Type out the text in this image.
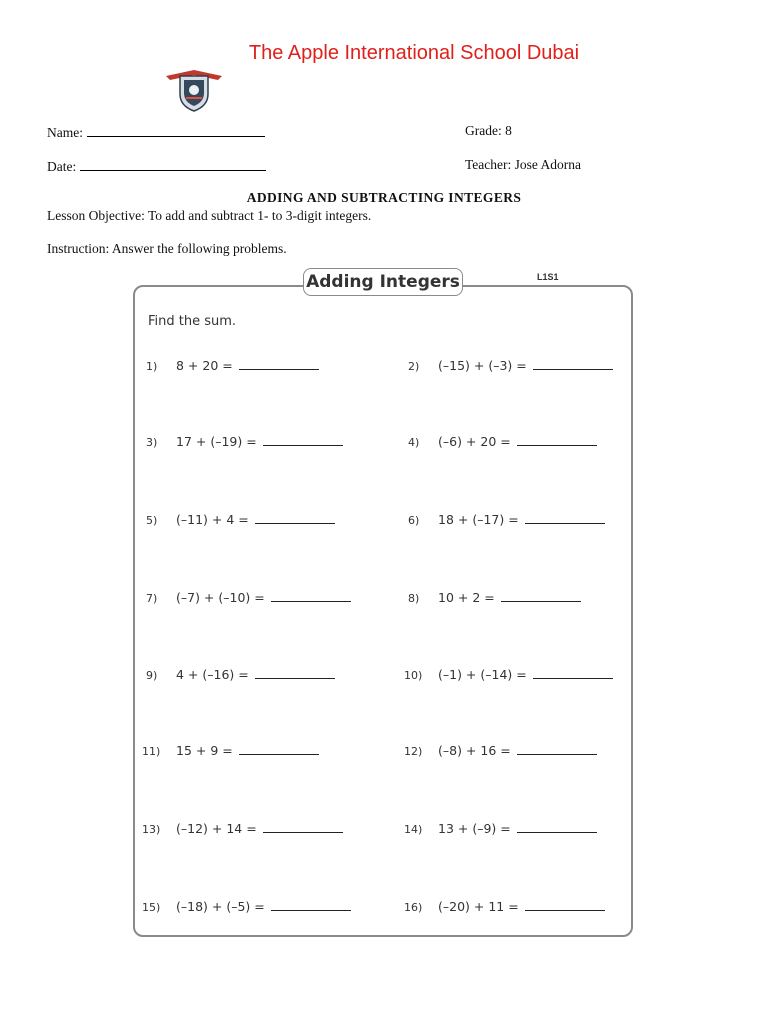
The Apple International School Dubai
Name:	Grade: 8
Date:	Teacher: Jose Adorna
ADDING AND SUBTRACTING INTEGERS
Lesson Objective: To add and subtract 1- to 3-digit integers.
Instruction: Answer the following problems.
Adding Integers	L1S1
Find the sum.
1) 8 + 20 =	2) (–15) + (–3) =
3) 17 + (–19) =	4) (–6) + 20 =
5) (–11) + 4 =	6) 18 + (–17) =
7) (–7) + (–10) =	8) 10 + 2 =
9) 4 + (–16) =	10) (–1) + (–14) =
11) 15 + 9 =	12) (–8) + 16 =
13) (–12) + 14 =	14) 13 + (–9) =
15) (–18) + (–5) =	16) (–20) + 11 =
